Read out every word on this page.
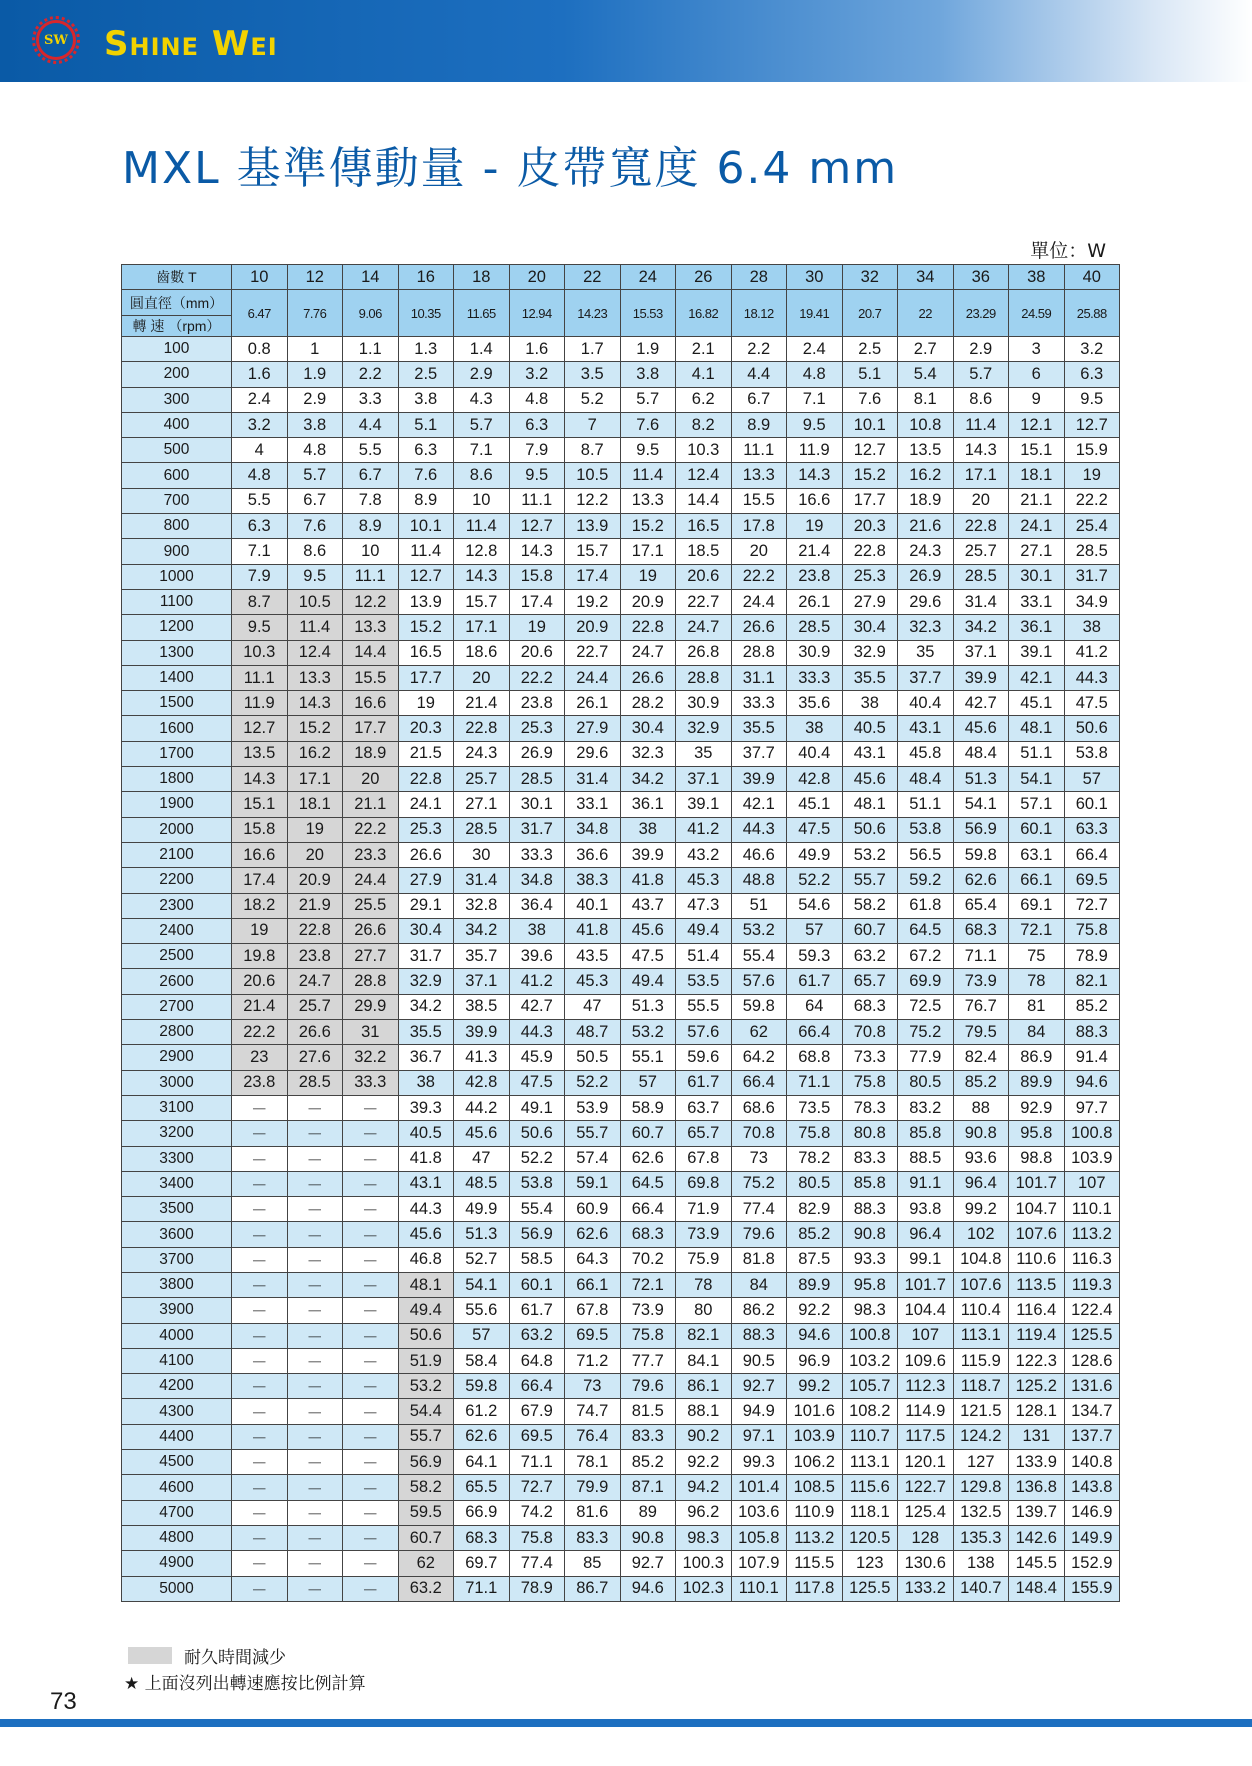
SW Shine Wei
MXL 基準傳動量 - 皮帶寬度 6.4 mm
單位：W
齒數 T	10	12	14	16	18	20	22	24	26	28	30	32	34	36	38	40
圓直徑（mm）	6.47	7.76	9.06	10.35	11.65	12.94	14.23	15.53	16.82	18.12	19.41	20.7	22	23.29	24.59	25.88
轉 速 （rpm）																
100	0.8	1	1.1	1.3	1.4	1.6	1.7	1.9	2.1	2.2	2.4	2.5	2.7	2.9	3	3.2
200	1.6	1.9	2.2	2.5	2.9	3.2	3.5	3.8	4.1	4.4	4.8	5.1	5.4	5.7	6	6.3
300	2.4	2.9	3.3	3.8	4.3	4.8	5.2	5.7	6.2	6.7	7.1	7.6	8.1	8.6	9	9.5
400	3.2	3.8	4.4	5.1	5.7	6.3	7	7.6	8.2	8.9	9.5	10.1	10.8	11.4	12.1	12.7
500	4	4.8	5.5	6.3	7.1	7.9	8.7	9.5	10.3	11.1	11.9	12.7	13.5	14.3	15.1	15.9
600	4.8	5.7	6.7	7.6	8.6	9.5	10.5	11.4	12.4	13.3	14.3	15.2	16.2	17.1	18.1	19
700	5.5	6.7	7.8	8.9	10	11.1	12.2	13.3	14.4	15.5	16.6	17.7	18.9	20	21.1	22.2
800	6.3	7.6	8.9	10.1	11.4	12.7	13.9	15.2	16.5	17.8	19	20.3	21.6	22.8	24.1	25.4
900	7.1	8.6	10	11.4	12.8	14.3	15.7	17.1	18.5	20	21.4	22.8	24.3	25.7	27.1	28.5
1000	7.9	9.5	11.1	12.7	14.3	15.8	17.4	19	20.6	22.2	23.8	25.3	26.9	28.5	30.1	31.7
1100	8.7	10.5	12.2	13.9	15.7	17.4	19.2	20.9	22.7	24.4	26.1	27.9	29.6	31.4	33.1	34.9
1200	9.5	11.4	13.3	15.2	17.1	19	20.9	22.8	24.7	26.6	28.5	30.4	32.3	34.2	36.1	38
1300	10.3	12.4	14.4	16.5	18.6	20.6	22.7	24.7	26.8	28.8	30.9	32.9	35	37.1	39.1	41.2
1400	11.1	13.3	15.5	17.7	20	22.2	24.4	26.6	28.8	31.1	33.3	35.5	37.7	39.9	42.1	44.3
1500	11.9	14.3	16.6	19	21.4	23.8	26.1	28.2	30.9	33.3	35.6	38	40.4	42.7	45.1	47.5
1600	12.7	15.2	17.7	20.3	22.8	25.3	27.9	30.4	32.9	35.5	38	40.5	43.1	45.6	48.1	50.6
1700	13.5	16.2	18.9	21.5	24.3	26.9	29.6	32.3	35	37.7	40.4	43.1	45.8	48.4	51.1	53.8
1800	14.3	17.1	20	22.8	25.7	28.5	31.4	34.2	37.1	39.9	42.8	45.6	48.4	51.3	54.1	57
1900	15.1	18.1	21.1	24.1	27.1	30.1	33.1	36.1	39.1	42.1	45.1	48.1	51.1	54.1	57.1	60.1
2000	15.8	19	22.2	25.3	28.5	31.7	34.8	38	41.2	44.3	47.5	50.6	53.8	56.9	60.1	63.3
2100	16.6	20	23.3	26.6	30	33.3	36.6	39.9	43.2	46.6	49.9	53.2	56.5	59.8	63.1	66.4
2200	17.4	20.9	24.4	27.9	31.4	34.8	38.3	41.8	45.3	48.8	52.2	55.7	59.2	62.6	66.1	69.5
2300	18.2	21.9	25.5	29.1	32.8	36.4	40.1	43.7	47.3	51	54.6	58.2	61.8	65.4	69.1	72.7
2400	19	22.8	26.6	30.4	34.2	38	41.8	45.6	49.4	53.2	57	60.7	64.5	68.3	72.1	75.8
2500	19.8	23.8	27.7	31.7	35.7	39.6	43.5	47.5	51.4	55.4	59.3	63.2	67.2	71.1	75	78.9
2600	20.6	24.7	28.8	32.9	37.1	41.2	45.3	49.4	53.5	57.6	61.7	65.7	69.9	73.9	78	82.1
2700	21.4	25.7	29.9	34.2	38.5	42.7	47	51.3	55.5	59.8	64	68.3	72.5	76.7	81	85.2
2800	22.2	26.6	31	35.5	39.9	44.3	48.7	53.2	57.6	62	66.4	70.8	75.2	79.5	84	88.3
2900	23	27.6	32.2	36.7	41.3	45.9	50.5	55.1	59.6	64.2	68.8	73.3	77.9	82.4	86.9	91.4
3000	23.8	28.5	33.3	38	42.8	47.5	52.2	57	61.7	66.4	71.1	75.8	80.5	85.2	89.9	94.6
3100	－	－	－	39.3	44.2	49.1	53.9	58.9	63.7	68.6	73.5	78.3	83.2	88	92.9	97.7
3200	－	－	－	40.5	45.6	50.6	55.7	60.7	65.7	70.8	75.8	80.8	85.8	90.8	95.8	100.8
3300	－	－	－	41.8	47	52.2	57.4	62.6	67.8	73	78.2	83.3	88.5	93.6	98.8	103.9
3400	－	－	－	43.1	48.5	53.8	59.1	64.5	69.8	75.2	80.5	85.8	91.1	96.4	101.7	107
3500	－	－	－	44.3	49.9	55.4	60.9	66.4	71.9	77.4	82.9	88.3	93.8	99.2	104.7	110.1
3600	－	－	－	45.6	51.3	56.9	62.6	68.3	73.9	79.6	85.2	90.8	96.4	102	107.6	113.2
3700	－	－	－	46.8	52.7	58.5	64.3	70.2	75.9	81.8	87.5	93.3	99.1	104.8	110.6	116.3
3800	－	－	－	48.1	54.1	60.1	66.1	72.1	78	84	89.9	95.8	101.7	107.6	113.5	119.3
3900	－	－	－	49.4	55.6	61.7	67.8	73.9	80	86.2	92.2	98.3	104.4	110.4	116.4	122.4
4000	－	－	－	50.6	57	63.2	69.5	75.8	82.1	88.3	94.6	100.8	107	113.1	119.4	125.5
4100	－	－	－	51.9	58.4	64.8	71.2	77.7	84.1	90.5	96.9	103.2	109.6	115.9	122.3	128.6
4200	－	－	－	53.2	59.8	66.4	73	79.6	86.1	92.7	99.2	105.7	112.3	118.7	125.2	131.6
4300	－	－	－	54.4	61.2	67.9	74.7	81.5	88.1	94.9	101.6	108.2	114.9	121.5	128.1	134.7
4400	－	－	－	55.7	62.6	69.5	76.4	83.3	90.2	97.1	103.9	110.7	117.5	124.2	131	137.7
4500	－	－	－	56.9	64.1	71.1	78.1	85.2	92.2	99.3	106.2	113.1	120.1	127	133.9	140.8
4600	－	－	－	58.2	65.5	72.7	79.9	87.1	94.2	101.4	108.5	115.6	122.7	129.8	136.8	143.8
4700	－	－	－	59.5	66.9	74.2	81.6	89	96.2	103.6	110.9	118.1	125.4	132.5	139.7	146.9
4800	－	－	－	60.7	68.3	75.8	83.3	90.8	98.3	105.8	113.2	120.5	128	135.3	142.6	149.9
4900	－	－	－	62	69.7	77.4	85	92.7	100.3	107.9	115.5	123	130.6	138	145.5	152.9
5000	－	－	－	63.2	71.1	78.9	86.7	94.6	102.3	110.1	117.8	125.5	133.2	140.7	148.4	155.9
耐久時間減少
★ 上面沒列出轉速應按比例計算
73
